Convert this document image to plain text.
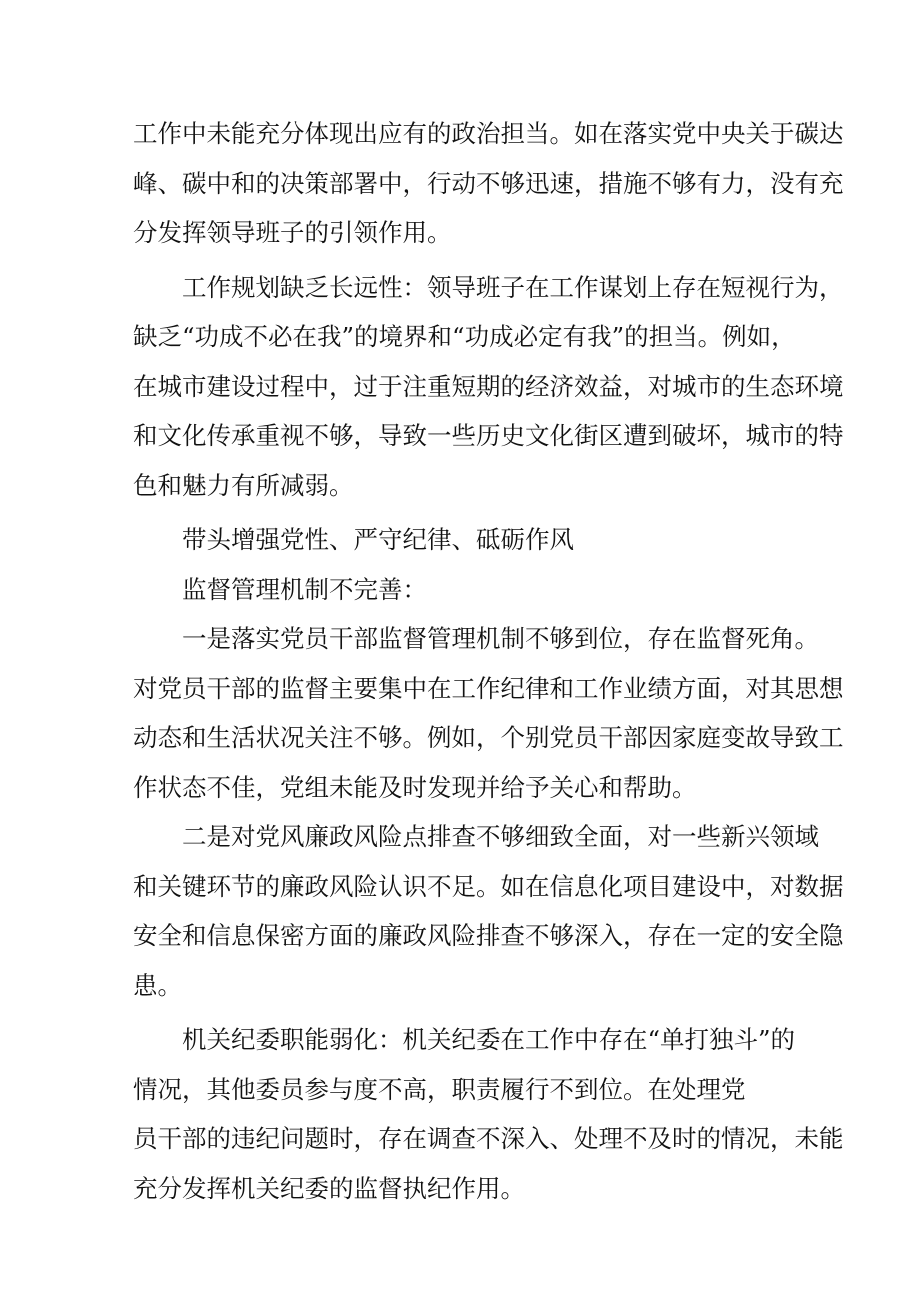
工作中未能充分体现出应有的政治担当。如在落实党中央关于碳达
峰、碳中和的决策部署中，行动不够迅速，措施不够有力，没有充
分发挥领导班子的引领作用。
工作规划缺乏长远性：领导班子在工作谋划上存在短视行为，
缺乏“功成不必在我”的境界和“功成必定有我”的担当。例如，
在城市建设过程中，过于注重短期的经济效益，对城市的生态环境
和文化传承重视不够，导致一些历史文化街区遭到破坏，城市的特
色和魅力有所减弱。
带头增强党性、严守纪律、砥砺作风
监督管理机制不完善：
一是落实党员干部监督管理机制不够到位，存在监督死角。
对党员干部的监督主要集中在工作纪律和工作业绩方面，对其思想
动态和生活状况关注不够。例如，个别党员干部因家庭变故导致工
作状态不佳，党组未能及时发现并给予关心和帮助。
二是对党风廉政风险点排查不够细致全面，对一些新兴领域
和关键环节的廉政风险认识不足。如在信息化项目建设中，对数据
安全和信息保密方面的廉政风险排查不够深入，存在一定的安全隐
患。
机关纪委职能弱化：机关纪委在工作中存在“单打独斗”的
情况，其他委员参与度不高，职责履行不到位。在处理党
员干部的违纪问题时，存在调查不深入、处理不及时的情况，未能
充分发挥机关纪委的监督执纪作用。
